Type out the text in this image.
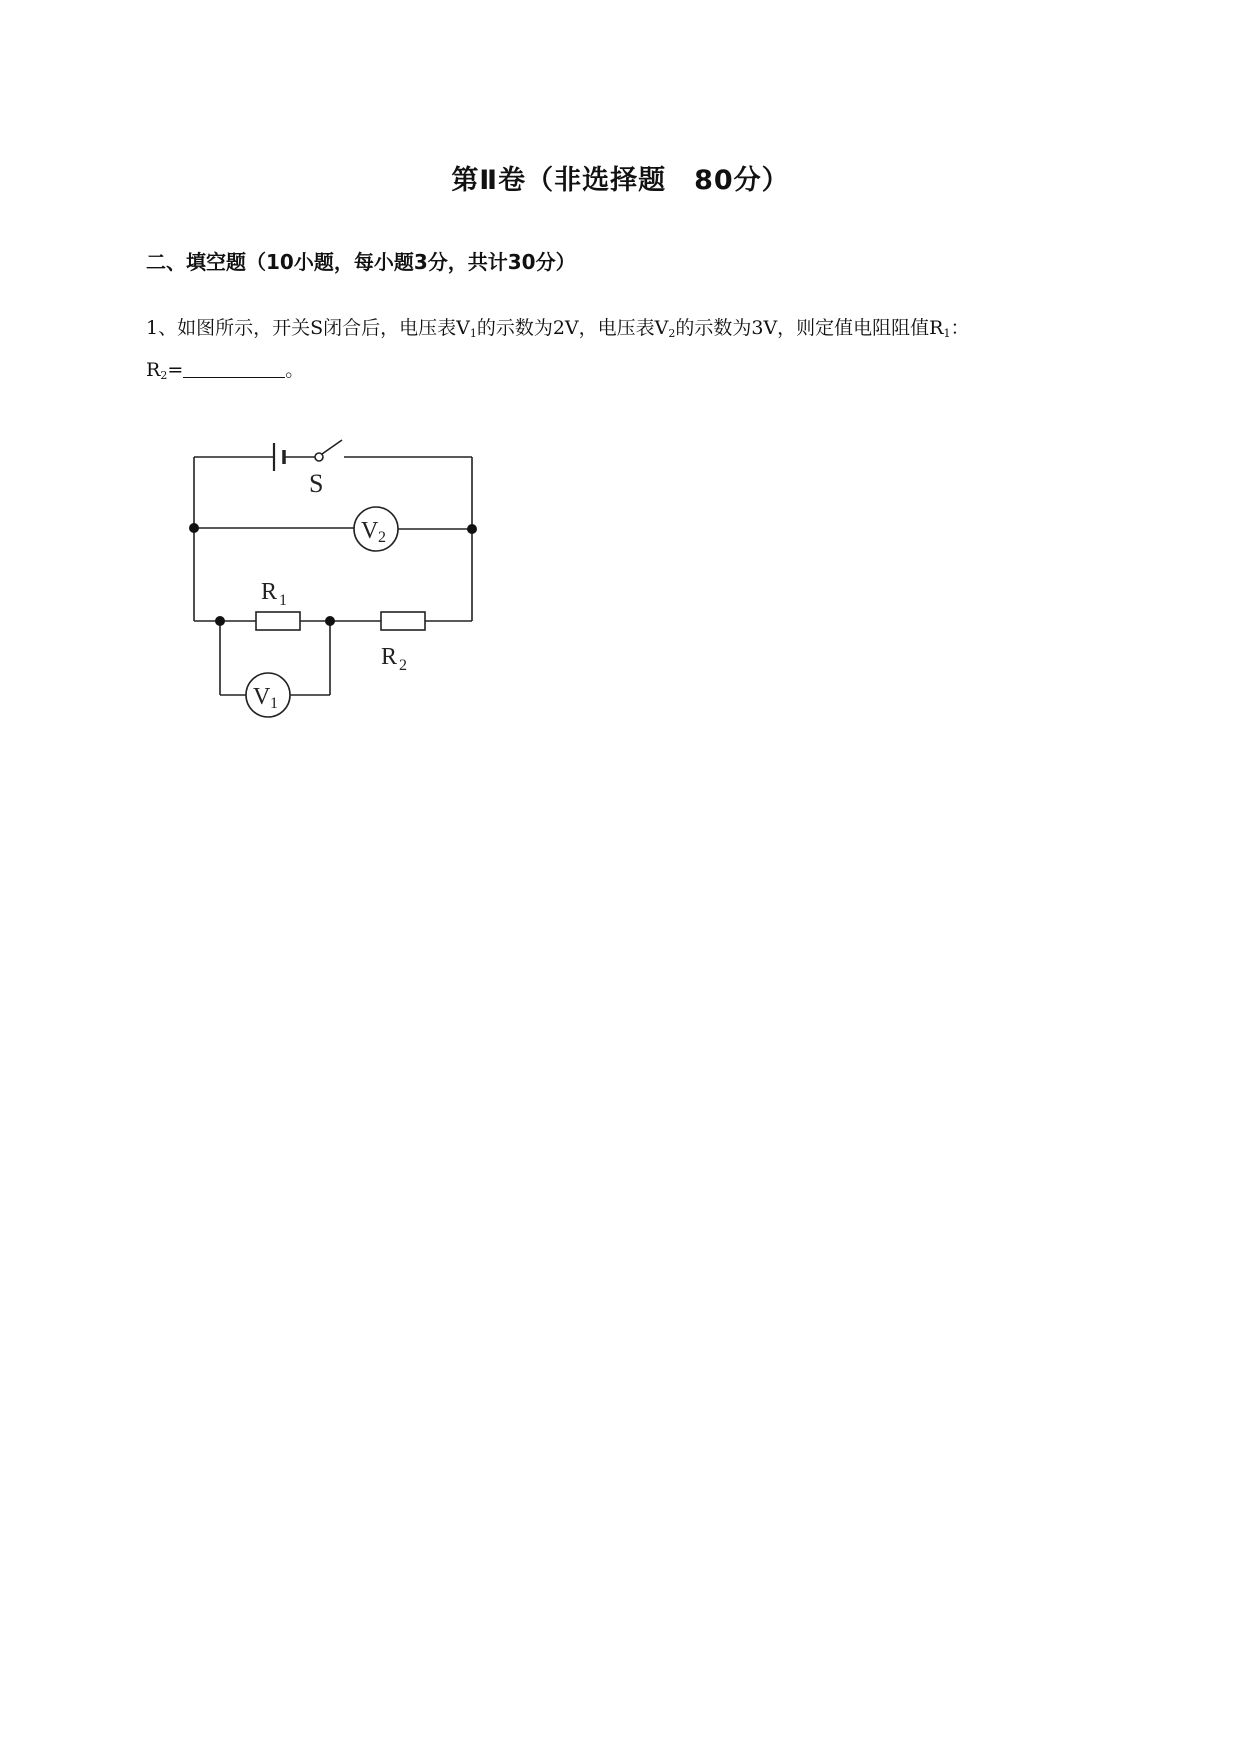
第Ⅱ卷（非选择题　80分）
二、填空题（10小题，每小题3分，共计30分）
1、如图所示，开关S闭合后，电压表$V_1$的示数为2V，电压表$V_2$的示数为3V，则定值电阻阻值$R_1$：
$R_2=$	。
S
V 2
V 1
R 1
R 2
